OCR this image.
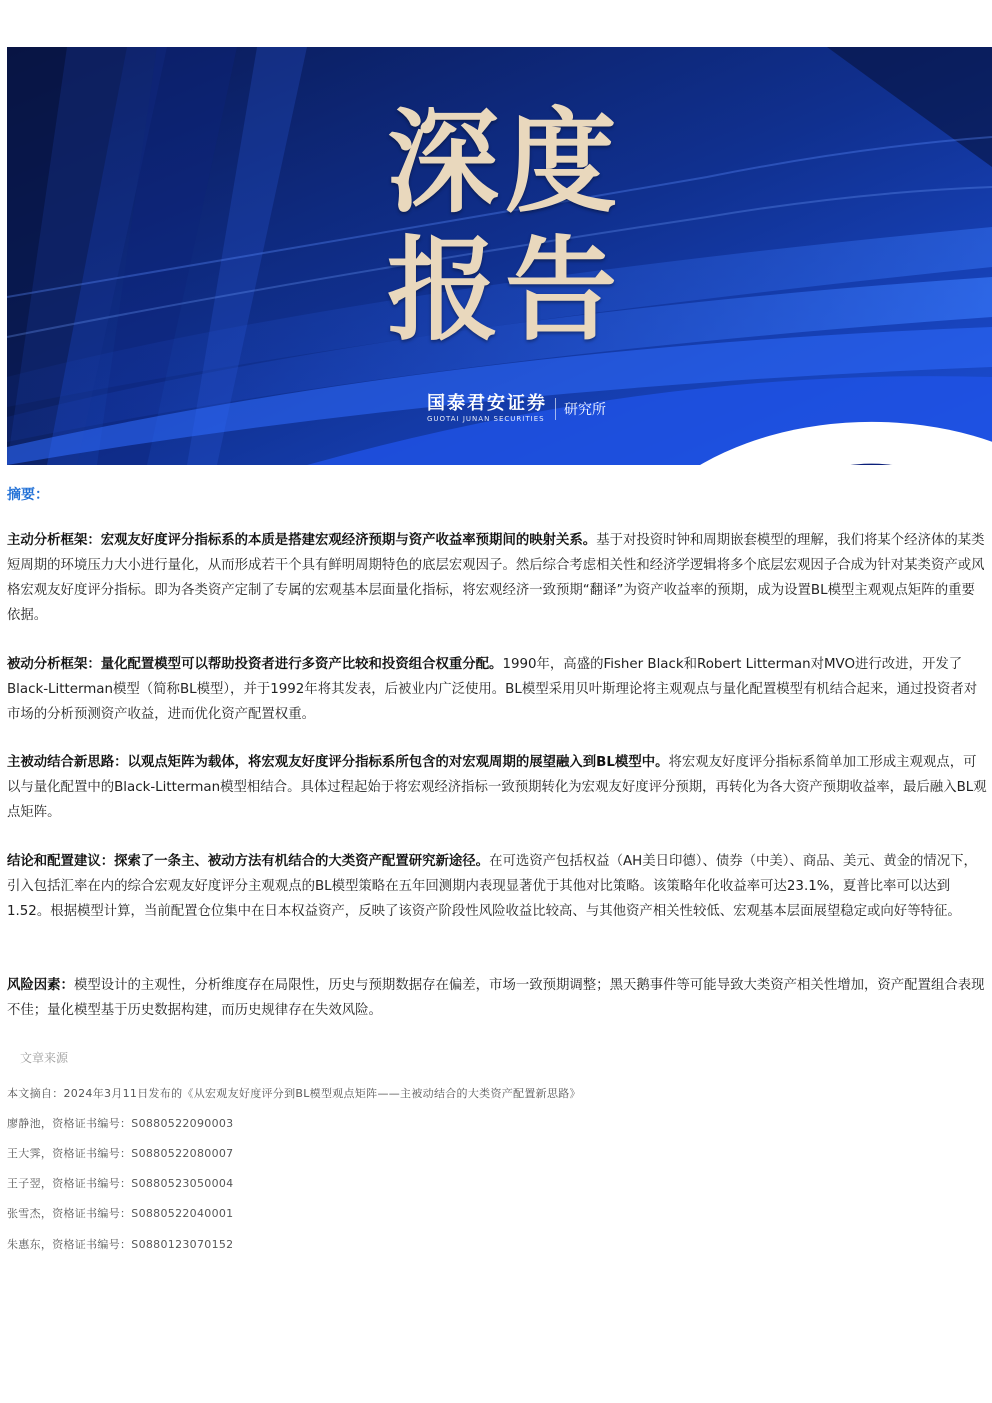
深度
报告
国泰君安证券
GUOTAI JUNAN SECURITIES
研究所
摘要：
主动分析框架：宏观友好度评分指标系的本质是搭建宏观经济预期与资产收益率预期间的映射关系。基于对投资时钟和周期嵌套模型的理解，我们将某个经济体的某类短周期的环境压力大小进行量化，从而形成若干个具有鲜明周期特色的底层宏观因子。然后综合考虑相关性和经济学逻辑将多个底层宏观因子合成为针对某类资产或风格宏观友好度评分指标。即为各类资产定制了专属的宏观基本层面量化指标，将宏观经济一致预期“翻译”为资产收益率的预期，成为设置BL模型主观观点矩阵的重要依据。
被动分析框架：量化配置模型可以帮助投资者进行多资产比较和投资组合权重分配。1990年，高盛的Fisher Black和Robert Litterman对MVO进行改进，开发了Black-Litterman模型（简称BL模型），并于1992年将其发表，后被业内广泛使用。BL模型采用贝叶斯理论将主观观点与量化配置模型有机结合起来，通过投资者对市场的分析预测资产收益，进而优化资产配置权重。
主被动结合新思路：以观点矩阵为载体，将宏观友好度评分指标系所包含的对宏观周期的展望融入到BL模型中。将宏观友好度评分指标系简单加工形成主观观点，可以与量化配置中的Black-Litterman模型相结合。具体过程起始于将宏观经济指标一致预期转化为宏观友好度评分预期，再转化为各大资产预期收益率，最后融入BL观点矩阵。
结论和配置建议：探索了一条主、被动方法有机结合的大类资产配置研究新途径。在可选资产包括权益（AH美日印德）、债券（中美）、商品、美元、黄金的情况下，引入包括汇率在内的综合宏观友好度评分主观观点的BL模型策略在五年回测期内表现显著优于其他对比策略。该策略年化收益率可达23.1%，夏普比率可以达到1.52。根据模型计算，当前配置仓位集中在日本权益资产，反映了该资产阶段性风险收益比较高、与其他资产相关性较低、宏观基本层面展望稳定或向好等特征。
风险因素：模型设计的主观性，分析维度存在局限性，历史与预期数据存在偏差，市场一致预期调整；黑天鹅事件等可能导致大类资产相关性增加，资产配置组合表现不佳；量化模型基于历史数据构建，而历史规律存在失效风险。
文章来源
本文摘自：2024年3月11日发布的《从宏观友好度评分到BL模型观点矩阵——主被动结合的大类资产配置新思路》
廖静池，资格证书编号：S0880522090003
王大霁，资格证书编号：S0880522080007
王子翌，资格证书编号：S0880523050004
张雪杰，资格证书编号：S0880522040001
朱惠东，资格证书编号：S0880123070152
